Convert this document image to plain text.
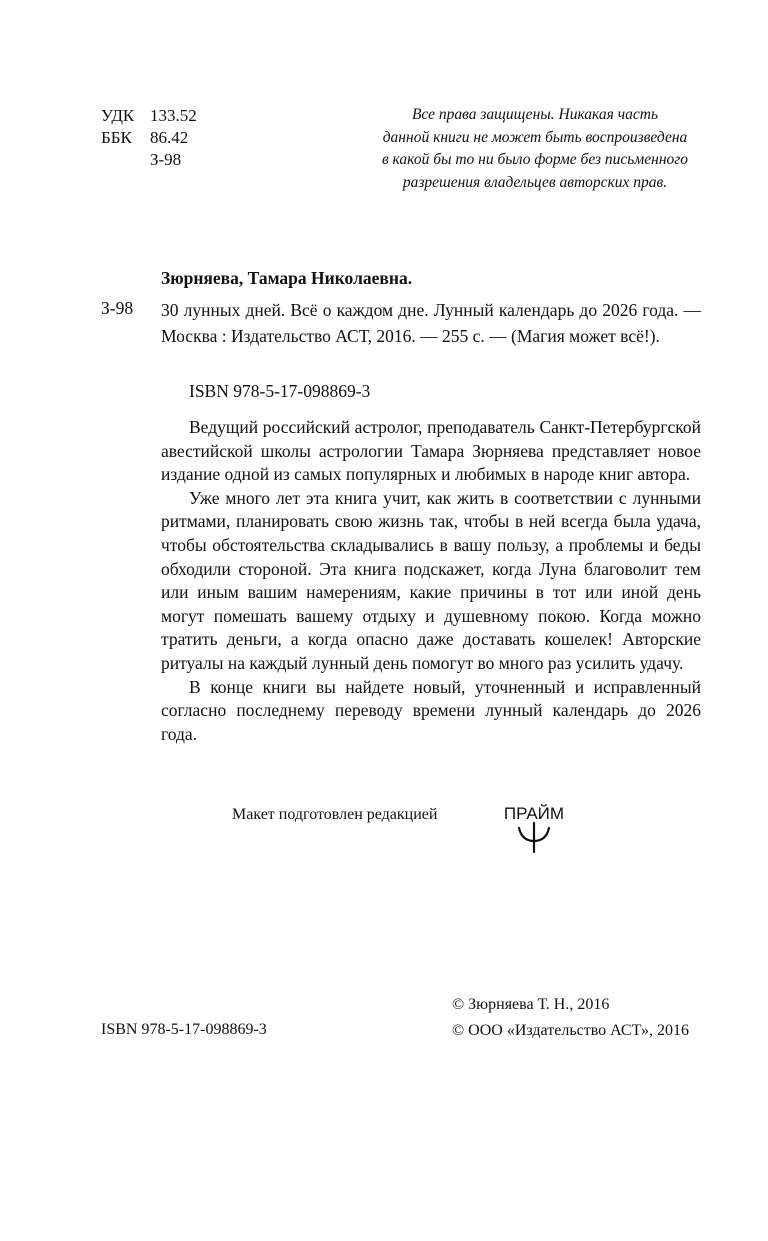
УДК 133.52
ББК 86.42
З-98
Все права защищены. Никакая часть
данной книги не может быть воспроизведена
в какой бы то ни было форме без письменного
разрешения владельцев авторских прав.
Зюрняева, Тамара Николаевна.
З-98 30 лунных дней. Всё о каждом дне. Лунный календарь до 2026 года. — Москва : Издательство АСТ, 2016. — 255 с. — (Магия может всё!).

ISBN 978-5-17-098869-3

Ведущий российский астролог, преподаватель Санкт-Петербургской авестийской школы астрологии Тамара Зюрняева представляет новое издание одной из самых популярных и любимых в народе книг автора.

Уже много лет эта книга учит, как жить в соответствии с лунными ритмами, планировать свою жизнь так, чтобы в ней всегда была удача, чтобы обстоятельства складывались в вашу пользу, а проблемы и беды обходили стороной. Эта книга подскажет, когда Луна благоволит тем или иным вашим намерениям, какие причины в тот или иной день могут помешать вашему отдыху и душевному покою. Когда можно тратить деньги, а когда опасно даже доставать кошелек! Авторские ритуалы на каждый лунный день помогут во много раз усилить удачу.

В конце книги вы найдете новый, уточненный и исправленный согласно последнему переводу времени лунный календарь до 2026 года.

Макет подготовлен редакцией	ПРАЙМ
ISBN 978-5-17-098869-3
© Зюрняева Т. Н., 2016
© ООО «Издательство АСТ», 2016
